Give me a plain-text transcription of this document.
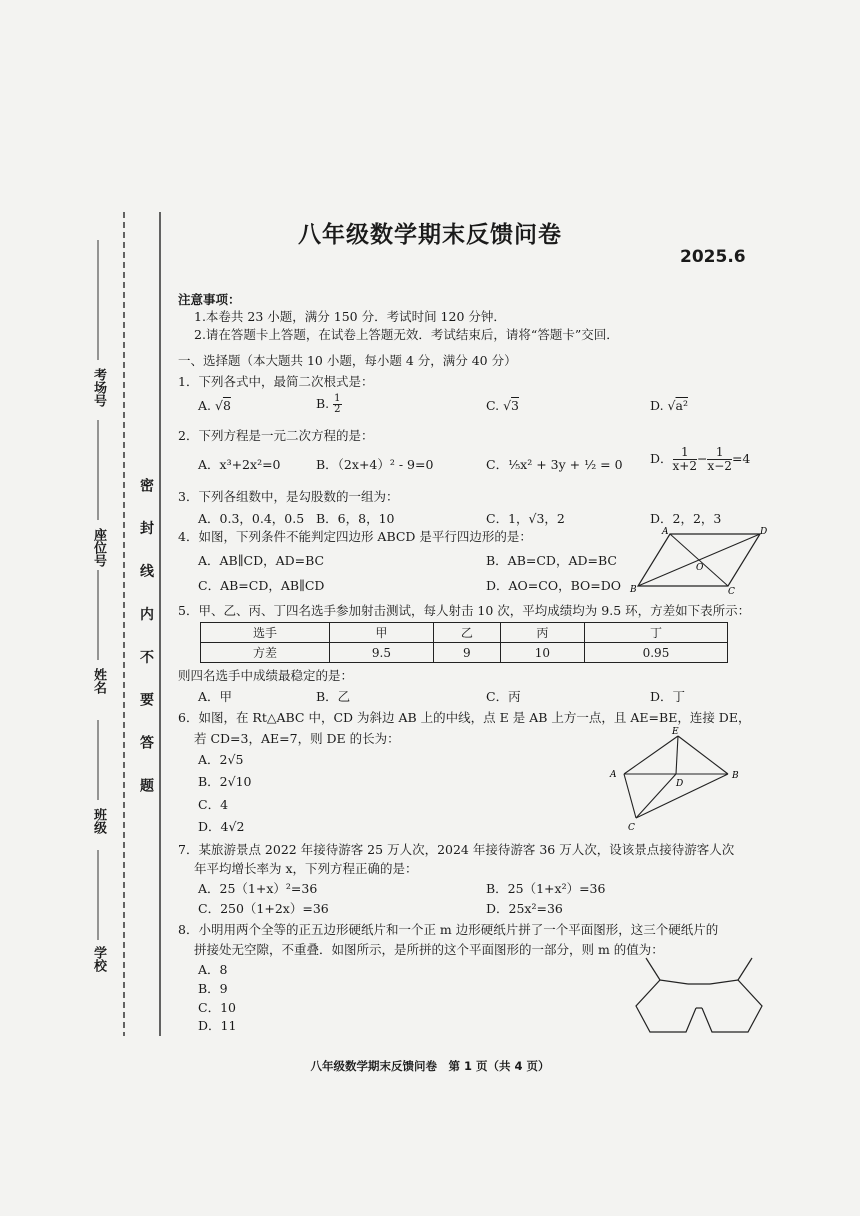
考场号
座位号
姓名
班级
学校
密 封 线 内 不 要 答 题
八年级数学期末反馈问卷
2025.6
注意事项：
1.本卷共 23 小题，满分 150 分．考试时间 120 分钟．
2.请在答题卡上答题，在试卷上答题无效．考试结束后，请将“答题卡”交回．
一、选择题（本大题共 10 小题，每小题 4 分，满分 40 分）
1．下列各式中，最简二次根式是：
A. √8	B. $\frac{1}{2}$	C. √3	D. √a²
2．下列方程是一元二次方程的是：
A．x³+2x²=0	B．（2x+4）² - 9=0	C．⅕x² + 3y + ½ = 0 D． $\frac{1}{x+2} - \frac{1}{x-2} =4$
3．下列各组数中，是勾股数的一组为：
A．0.3，0.4，0.5 B．6，8，10	C．1，√3，2	D．2，2，3
4．如图，下列条件不能判定四边形 ABCD 是平行四边形的是：
A．AB∥CD，AD=BC	B．AB=CD，AD=BC
C．AB=CD，AB∥CD	D．AO=CO，BO=DO
A	D
O
B	C
5．甲、乙、丙、丁四名选手参加射击测试，每人射击 10 次，平均成绩均为 9.5 环，方差如下表所示：
选手	甲	乙	丙	丁
方差	9.5	9	10	0.95
则四名选手中成绩最稳定的是：
A．甲	B．乙	C．丙	D．丁
6．如图，在 Rt△ABC 中，CD 为斜边 AB 上的中线，点 E 是 AB 上方一点，且 AE=BE，连接 DE，
若 CD=3，AE=7，则 DE 的长为：
A．2√5
B．2√10
C．4
D．4√2
E
A
D
B
C
7．某旅游景点 2022 年接待游客 25 万人次，2024 年接待游客 36 万人次，设该景点接待游客人次
年平均增长率为 x，下列方程正确的是：
A．25（1+x）²=36	B．25（1+x²）=36
C．250（1+2x）=36	D．25x²=36
8．小明用两个全等的正五边形硬纸片和一个正 m 边形硬纸片拼了一个平面图形，这三个硬纸片的
拼接处无空隙，不重叠．如图所示，是所拼的这个平面图形的一部分，则 m 的值为：
A．8
B．9
C．10
D．11
八年级数学期末反馈问卷　第 1 页（共 4 页）
